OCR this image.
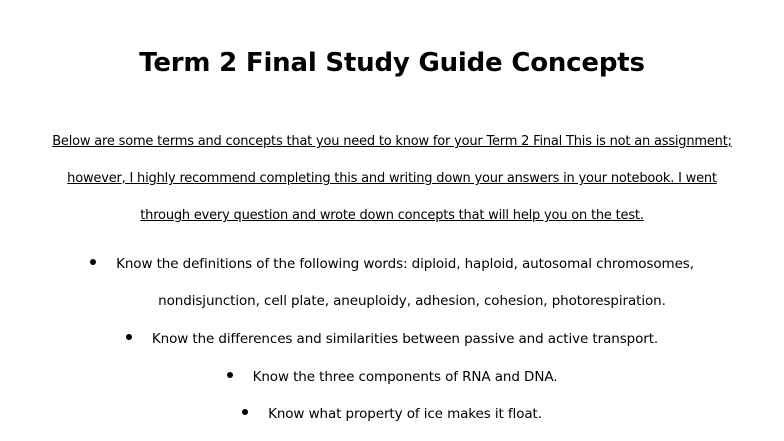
Term 2 Final Study Guide Concepts
Below are some terms and concepts that you need to know for your Term 2 Final This is not an assignment;
however, I highly recommend completing this and writing down your answers in your notebook. I went
through every question and wrote down concepts that will help you on the test.
Know the definitions of the following words: diploid, haploid, autosomal chromosomes,
nondisjunction, cell plate, aneuploidy, adhesion, cohesion, photorespiration.
Know the differences and similarities between passive and active transport.
Know the three components of RNA and DNA.
Know what property of ice makes it float.
